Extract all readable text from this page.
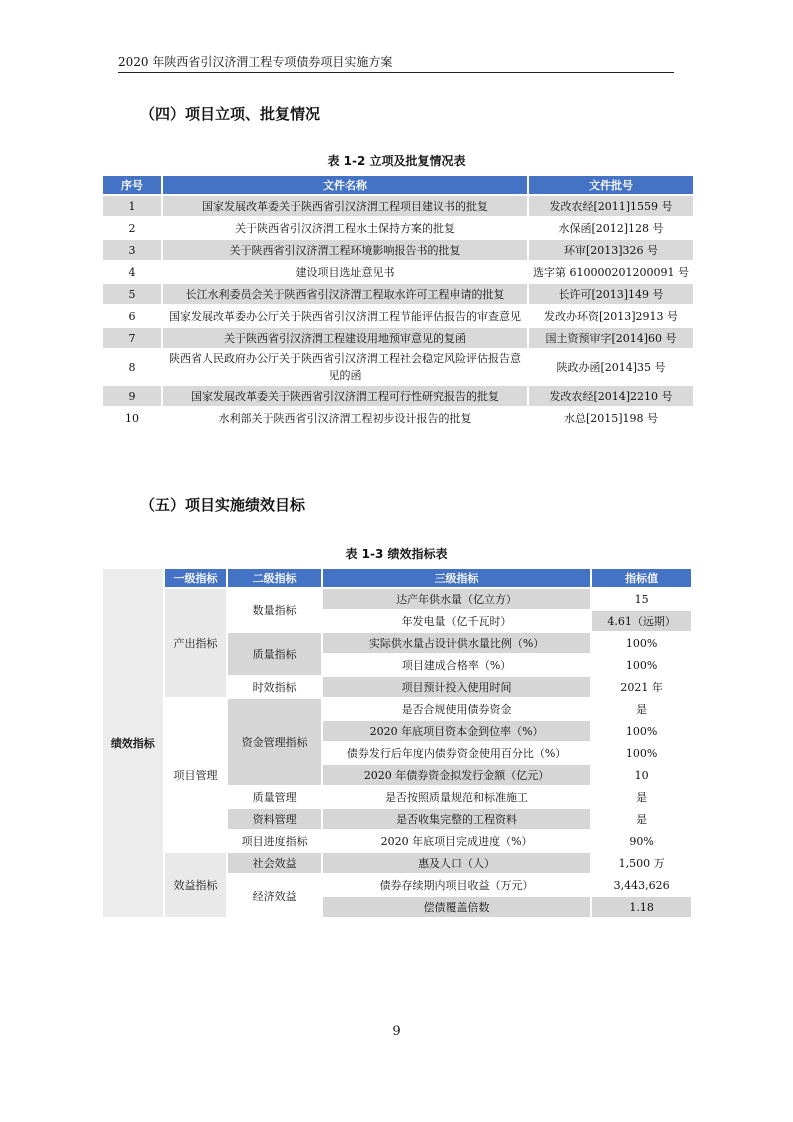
2020 年陕西省引汉济渭工程专项债券项目实施方案
（四）项目立项、批复情况
表 1-2 立项及批复情况表
序号	文件名称	文件批号
1	国家发展改革委关于陕西省引汉济渭工程项目建议书的批复	发改农经[2011]1559 号
2	关于陕西省引汉济渭工程水土保持方案的批复	水保函[2012]128 号
3	关于陕西省引汉济渭工程环境影响报告书的批复	环审[2013]326 号
4	建设项目选址意见书	选字第 610000201200091 号
5	长江水利委员会关于陕西省引汉济渭工程取水许可工程申请的批复	长许可[2013]149 号
6	国家发展改革委办公厅关于陕西省引汉济渭工程节能评估报告的审查意见	发改办环资[2013]2913 号
7	关于陕西省引汉济渭工程建设用地预审意见的复函	国土资预审字[2014]60 号
8	陕西省人民政府办公厅关于陕西省引汉济渭工程社会稳定风险评估报告意见的函	陕政办函[2014]35 号
9	国家发展改革委关于陕西省引汉济渭工程可行性研究报告的批复	发改农经[2014]2210 号
10	水利部关于陕西省引汉济渭工程初步设计报告的批复	水总[2015]198 号
（五）项目实施绩效目标
表 1-3 绩效指标表
绩效指标	一级指标	二级指标	三级指标	指标值
	产出指标	数量指标	达产年供水量（亿立方）	15
			年发电量（亿千瓦时）	4.61（远期）
		质量指标	实际供水量占设计供水量比例（%）	100%
			项目建成合格率（%）	100%
		时效指标	项目预计投入使用时间	2021 年
	项目管理	资金管理指标	是否合规使用债券资金	是
			2020 年底项目资本金到位率（%）	100%
			债券发行后年度内债券资金使用百分比（%）	100%
			2020 年债券资金拟发行金额（亿元）	10
		质量管理	是否按照质量规范和标准施工	是
		资料管理	是否收集完整的工程资料	是
		项目进度指标	2020 年底项目完成进度（%）	90%
	效益指标	社会效益	惠及人口（人）	1,500 万
		经济效益	债券存续期内项目收益（万元）	3,443,626
			偿债覆盖倍数	1.18
9
